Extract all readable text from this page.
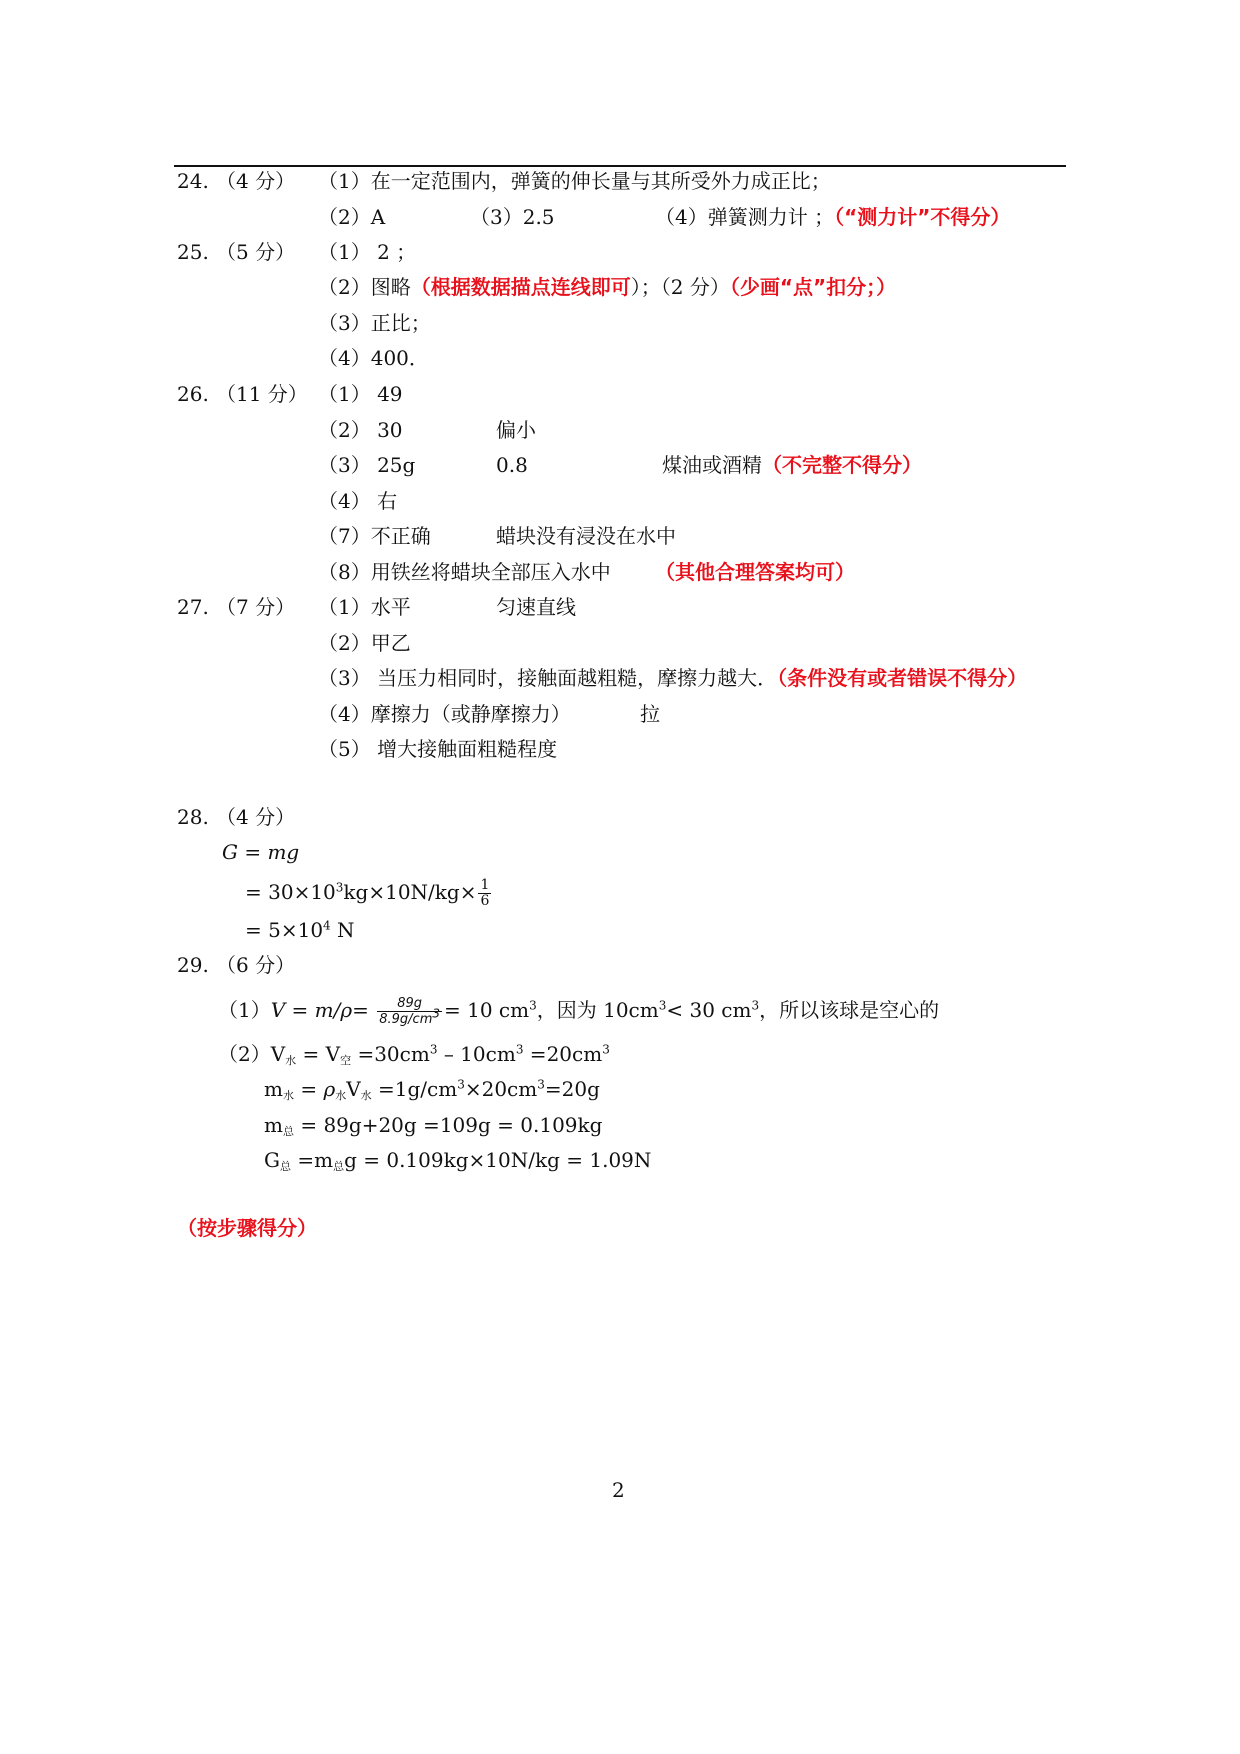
24. （4 分） （1）在一定范围内，弹簧的伸长量与其所受外力成正比；
（2）A	（3）2.5	（4）弹簧测力计 ；（“测力计”不得分）
25. （5 分） （1） 2 ；
（2）图略（根据数据描点连线即可）；（2 分）（少画“点”扣分；）
（3）正比；
（4）400．
26. （11 分） （1） 49
（2） 30	偏小
（3） 25g	0.8	煤油或酒精（不完整不得分）
（4） 右
（7）不正确	蜡块没有浸没在水中
（8）用铁丝将蜡块全部压入水中 （其他合理答案均可）
27. （7 分） （1）水平	匀速直线
（2）甲乙
（3） 当压力相同时，接触面越粗糙，摩擦力越大．（条件没有或者错误不得分）
（4）摩擦力（或静摩擦力）	拉
（5） 增大接触面粗糙程度
28. （4 分）
G = mg
= $30\times 10^3kg\times 10N/kg\times \frac{1}{6}$
= $5\times 10^4$ N
29. （6 分）
$(1)V = m/\rho= \frac{89g}{8.9g/cm^3} = 10$ $cm^3$，因为 $10cm^3< 30$ $cm^3$，所以该球是空心的
$(2)V_水 = V_空 =30cm^3 - 10cm^3 =20cm^3$
$m_水 = \rho_水V_水 =1g/cm^3\times 20cm^3=20g$
$m_总 = 89g+20g =109g = 0.109kg$
$G_总 =m_总g = 0.109kg\times 10N/kg = 1.09N$
（按步骤得分）
2
